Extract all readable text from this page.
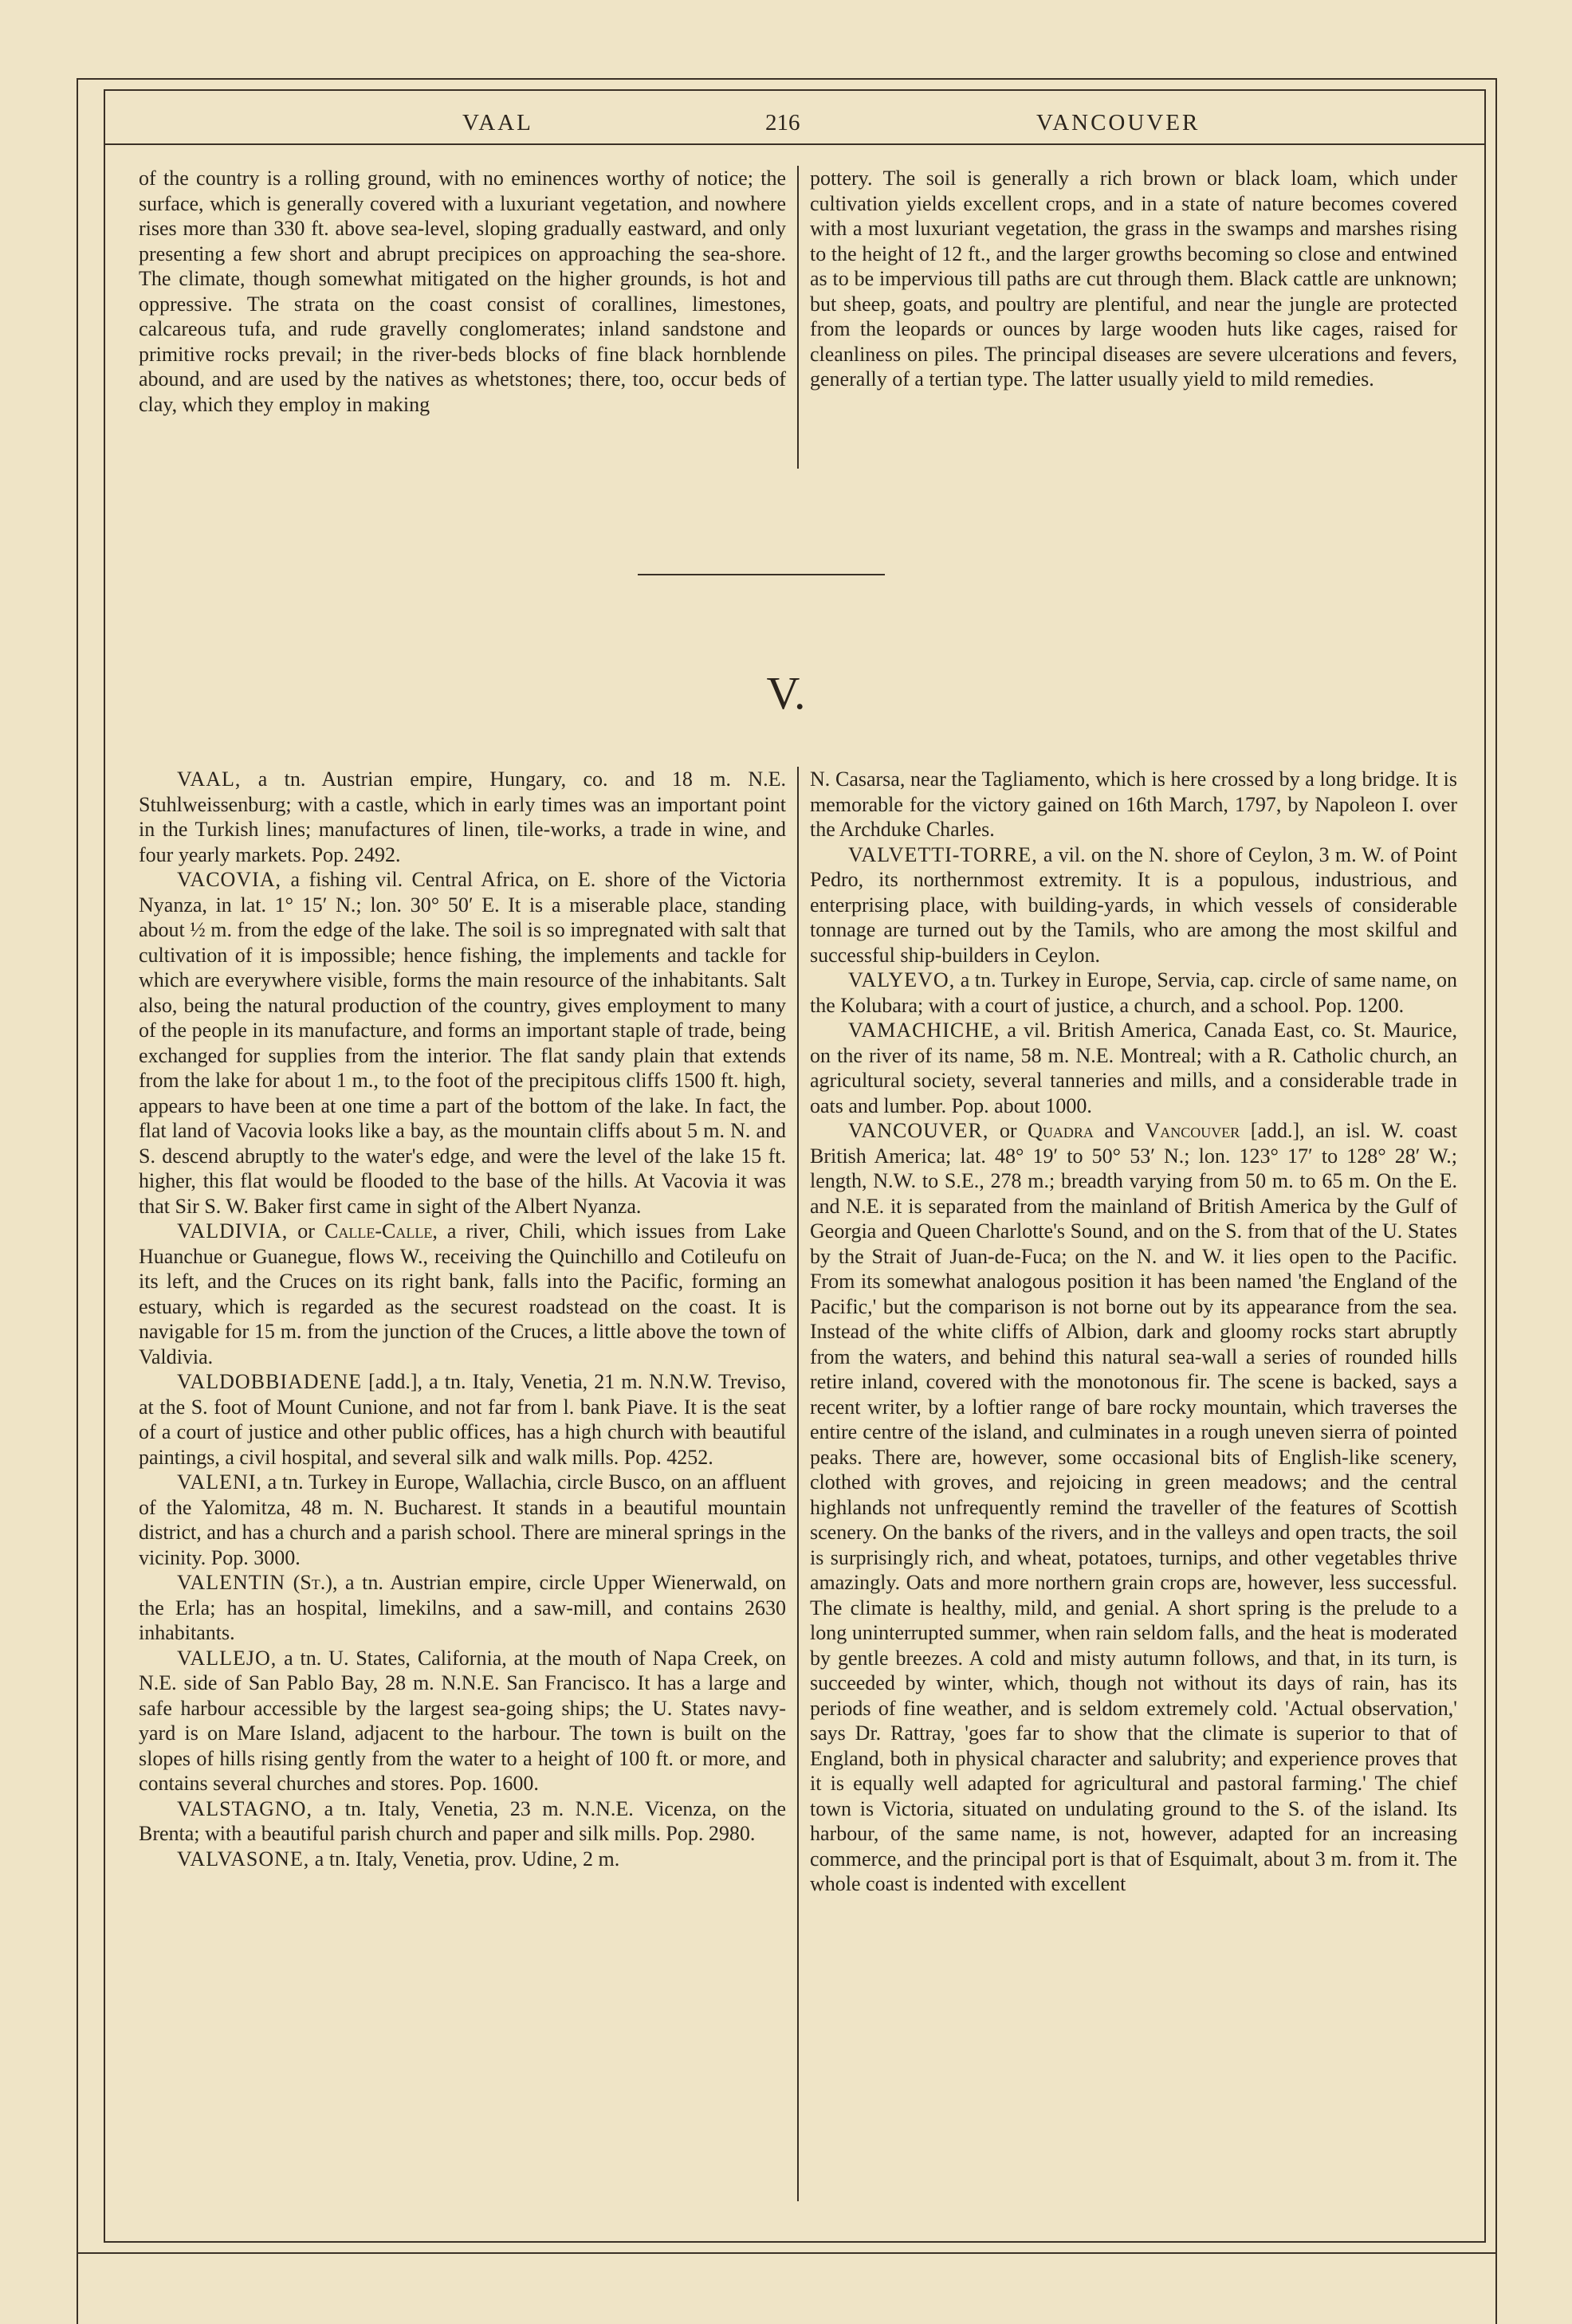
VAAL	216	VANCOUVER

of the country is a rolling ground, with no eminences worthy of notice; the surface, which is generally covered with a luxuriant vegetation, and nowhere rises more than 330 ft. above sea-level, sloping gradually eastward, and only presenting a few short and abrupt precipices on approaching the sea-shore. The climate, though somewhat mitigated on the higher grounds, is hot and oppressive. The strata on the coast consist of corallines, limestones, calcareous tufa, and rude gravelly conglomerates; inland sandstone and primitive rocks prevail; in the river-beds blocks of fine black hornblende abound, and are used by the natives as whetstones; there, too, occur beds of clay, which they employ in making

pottery. The soil is generally a rich brown or black loam, which under cultivation yields excellent crops, and in a state of nature becomes covered with a most luxuriant vegetation, the grass in the swamps and marshes rising to the height of 12 ft., and the larger growths becoming so close and entwined as to be impervious till paths are cut through them. Black cattle are unknown; but sheep, goats, and poultry are plentiful, and near the jungle are protected from the leopards or ounces by large wooden huts like cages, raised for cleanliness on piles. The principal diseases are severe ulcerations and fevers, generally of a tertian type. The latter usually yield to mild remedies.

V.

VAAL, a tn. Austrian empire, Hungary, co. and 18 m. N.E. Stuhlweissenburg; with a castle, which in early times was an important point in the Turkish lines; manufactures of linen, tile-works, a trade in wine, and four yearly markets. Pop. 2492.

VACOVIA, a fishing vil. Central Africa, on E. shore of the Victoria Nyanza, in lat. 1° 15′ N.; lon. 30° 50′ E. It is a miserable place, standing about ½ m. from the edge of the lake. The soil is so impregnated with salt that cultivation of it is impossible; hence fishing, the implements and tackle for which are everywhere visible, forms the main resource of the inhabitants. Salt also, being the natural production of the country, gives employment to many of the people in its manufacture, and forms an important staple of trade, being exchanged for supplies from the interior. The flat sandy plain that extends from the lake for about 1 m., to the foot of the precipitous cliffs 1500 ft. high, appears to have been at one time a part of the bottom of the lake. In fact, the flat land of Vacovia looks like a bay, as the mountain cliffs about 5 m. N. and S. descend abruptly to the water's edge, and were the level of the lake 15 ft. higher, this flat would be flooded to the base of the hills. At Vacovia it was that Sir S. W. Baker first came in sight of the Albert Nyanza.

VALDIVIA, or Calle-Calle, a river, Chili, which issues from Lake Huanchue or Guanegue, flows W., receiving the Quinchillo and Cotileufu on its left, and the Cruces on its right bank, falls into the Pacific, forming an estuary, which is regarded as the securest roadstead on the coast. It is navigable for 15 m. from the junction of the Cruces, a little above the town of Valdivia.

VALDOBBIADENE [add.], a tn. Italy, Venetia, 21 m. N.N.W. Treviso, at the S. foot of Mount Cunione, and not far from l. bank Piave. It is the seat of a court of justice and other public offices, has a high church with beautiful paintings, a civil hospital, and several silk and walk mills. Pop. 4252.

VALENI, a tn. Turkey in Europe, Wallachia, circle Busco, on an affluent of the Yalomitza, 48 m. N. Bucharest. It stands in a beautiful mountain district, and has a church and a parish school. There are mineral springs in the vicinity. Pop. 3000.

VALENTIN (St.), a tn. Austrian empire, circle Upper Wienerwald, on the Erla; has an hospital, limekilns, and a saw-mill, and contains 2630 inhabitants.

VALLEJO, a tn. U. States, California, at the mouth of Napa Creek, on N.E. side of San Pablo Bay, 28 m. N.N.E. San Francisco. It has a large and safe harbour accessible by the largest sea-going ships; the U. States navy-yard is on Mare Island, adjacent to the harbour. The town is built on the slopes of hills rising gently from the water to a height of 100 ft. or more, and contains several churches and stores. Pop. 1600.

VALSTAGNO, a tn. Italy, Venetia, 23 m. N.N.E. Vicenza, on the Brenta; with a beautiful parish church and paper and silk mills. Pop. 2980.

VALVASONE, a tn. Italy, Venetia, prov. Udine, 2 m.

N. Casarsa, near the Tagliamento, which is here crossed by a long bridge. It is memorable for the victory gained on 16th March, 1797, by Napoleon I. over the Archduke Charles.

VALVETTI-TORRE, a vil. on the N. shore of Ceylon, 3 m. W. of Point Pedro, its northernmost extremity. It is a populous, industrious, and enterprising place, with building-yards, in which vessels of considerable tonnage are turned out by the Tamils, who are among the most skilful and successful ship-builders in Ceylon.

VALYEVO, a tn. Turkey in Europe, Servia, cap. circle of same name, on the Kolubara; with a court of justice, a church, and a school. Pop. 1200.

VAMACHICHE, a vil. British America, Canada East, co. St. Maurice, on the river of its name, 58 m. N.E. Montreal; with a R. Catholic church, an agricultural society, several tanneries and mills, and a considerable trade in oats and lumber. Pop. about 1000.

VANCOUVER, or Quadra and Vancouver [add.], an isl. W. coast British America; lat. 48° 19′ to 50° 53′ N.; lon. 123° 17′ to 128° 28′ W.; length, N.W. to S.E., 278 m.; breadth varying from 50 m. to 65 m. On the E. and N.E. it is separated from the mainland of British America by the Gulf of Georgia and Queen Charlotte's Sound, and on the S. from that of the U. States by the Strait of Juan-de-Fuca; on the N. and W. it lies open to the Pacific. From its somewhat analogous position it has been named 'the England of the Pacific,' but the comparison is not borne out by its appearance from the sea. Instead of the white cliffs of Albion, dark and gloomy rocks start abruptly from the waters, and behind this natural sea-wall a series of rounded hills retire inland, covered with the monotonous fir. The scene is backed, says a recent writer, by a loftier range of bare rocky mountain, which traverses the entire centre of the island, and culminates in a rough uneven sierra of pointed peaks. There are, however, some occasional bits of English-like scenery, clothed with groves, and rejoicing in green meadows; and the central highlands not unfrequently remind the traveller of the features of Scottish scenery. On the banks of the rivers, and in the valleys and open tracts, the soil is surprisingly rich, and wheat, potatoes, turnips, and other vegetables thrive amazingly. Oats and more northern grain crops are, however, less successful. The climate is healthy, mild, and genial. A short spring is the prelude to a long uninterrupted summer, when rain seldom falls, and the heat is moderated by gentle breezes. A cold and misty autumn follows, and that, in its turn, is succeeded by winter, which, though not without its days of rain, has its periods of fine weather, and is seldom extremely cold. 'Actual observation,' says Dr. Rattray, 'goes far to show that the climate is superior to that of England, both in physical character and salubrity; and experience proves that it is equally well adapted for agricultural and pastoral farming.' The chief town is Victoria, situated on undulating ground to the S. of the island. Its harbour, of the same name, is not, however, adapted for an increasing commerce, and the principal port is that of Esquimalt, about 3 m. from it. The whole coast is indented with excellent
